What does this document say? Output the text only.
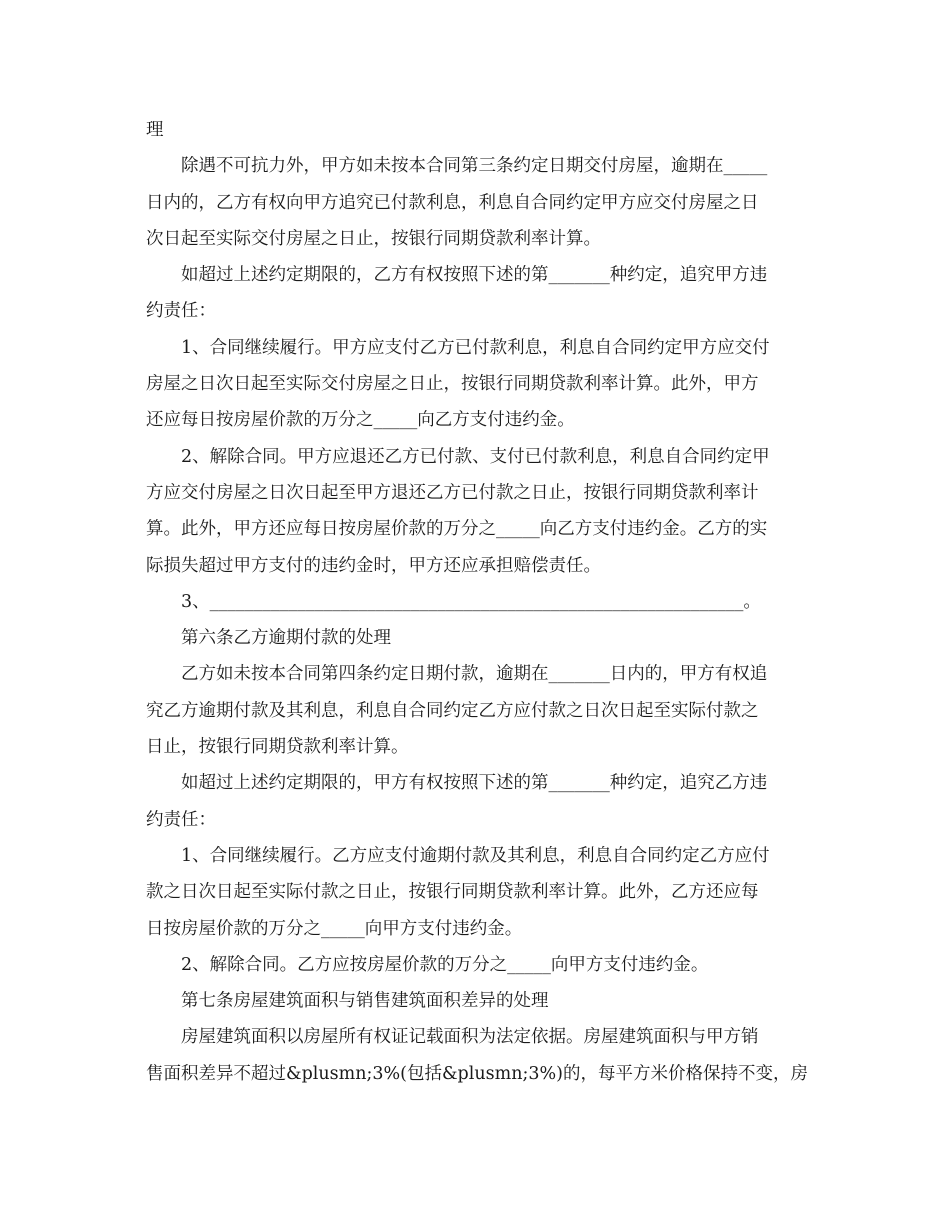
理
除遇不可抗力外，甲方如未按本合同第三条约定日期交付房屋，逾期在_____
日内的，乙方有权向甲方追究已付款利息，利息自合同约定甲方应交付房屋之日
次日起至实际交付房屋之日止，按银行同期贷款利率计算。
如超过上述约定期限的，乙方有权按照下述的第_______种约定，追究甲方违
约责任：
1、合同继续履行。甲方应支付乙方已付款利息，利息自合同约定甲方应交付
房屋之日次日起至实际交付房屋之日止，按银行同期贷款利率计算。此外，甲方
还应每日按房屋价款的万分之_____向乙方支付违约金。
2、解除合同。甲方应退还乙方已付款、支付已付款利息，利息自合同约定甲
方应交付房屋之日次日起至甲方退还乙方已付款之日止，按银行同期贷款利率计
算。此外，甲方还应每日按房屋价款的万分之_____向乙方支付违约金。乙方的实
际损失超过甲方支付的违约金时，甲方还应承担赔偿责任。
3、_____________________________________________________________。
第六条乙方逾期付款的处理
乙方如未按本合同第四条约定日期付款，逾期在_______日内的，甲方有权追
究乙方逾期付款及其利息，利息自合同约定乙方应付款之日次日起至实际付款之
日止，按银行同期贷款利率计算。
如超过上述约定期限的，甲方有权按照下述的第_______种约定，追究乙方违
约责任：
1、合同继续履行。乙方应支付逾期付款及其利息，利息自合同约定乙方应付
款之日次日起至实际付款之日止，按银行同期贷款利率计算。此外，乙方还应每
日按房屋价款的万分之_____向甲方支付违约金。
2、解除合同。乙方应按房屋价款的万分之_____向甲方支付违约金。
第七条房屋建筑面积与销售建筑面积差异的处理
房屋建筑面积以房屋所有权证记载面积为法定依据。房屋建筑面积与甲方销
售面积差异不超过&plusmn;3%(包括&plusmn;3%)的，每平方米价格保持不变，房
